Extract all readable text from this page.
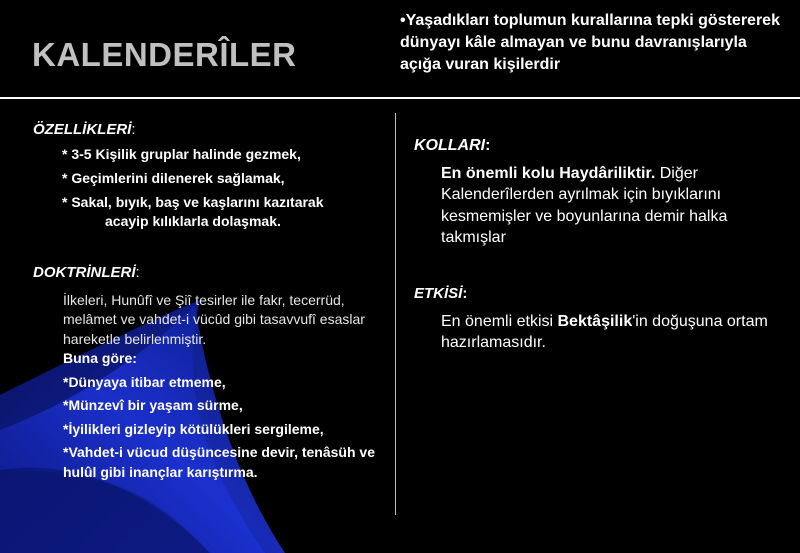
KALENDERÎLER
•Yaşadıkları toplumun kurallarına tepki göstererek dünyayı kâle almayan ve bunu davranışlarıyla açığa vuran kişilerdir
ÖZELLİKLERİ:
* 3-5 Kişilik gruplar halinde gezmek,
* Geçimlerini dilenerek sağlamak,
* Sakal, bıyık, baş ve kaşlarını kazıtarak
acayip kılıklarla dolaşmak.
DOKTRİNLERİ:
İlkeleri, Hunûfî ve Şiî tesirler ile fakr, tecerrüd, melâmet ve vahdet-i vücûd gibi tasavvufî esaslar hareketle belirlenmiştir.
Buna göre:
*Dünyaya itibar etmeme,
*Münzevî bir yaşam sürme,
*İyilikleri gizleyip kötülükleri sergileme,
*Vahdet-i vücud düşüncesine devir, tenâsüh ve hulûl gibi inançlar karıştırma.
KOLLARI:
En önemli kolu Haydâriliktir. Diğer Kalenderîlerden ayrılmak için bıyıklarını kesmemişler ve boyunlarına demir halka takmışlar
ETKİSİ:
En önemli etkisi Bektâşilik'in doğuşuna ortam hazırlamasıdır.
